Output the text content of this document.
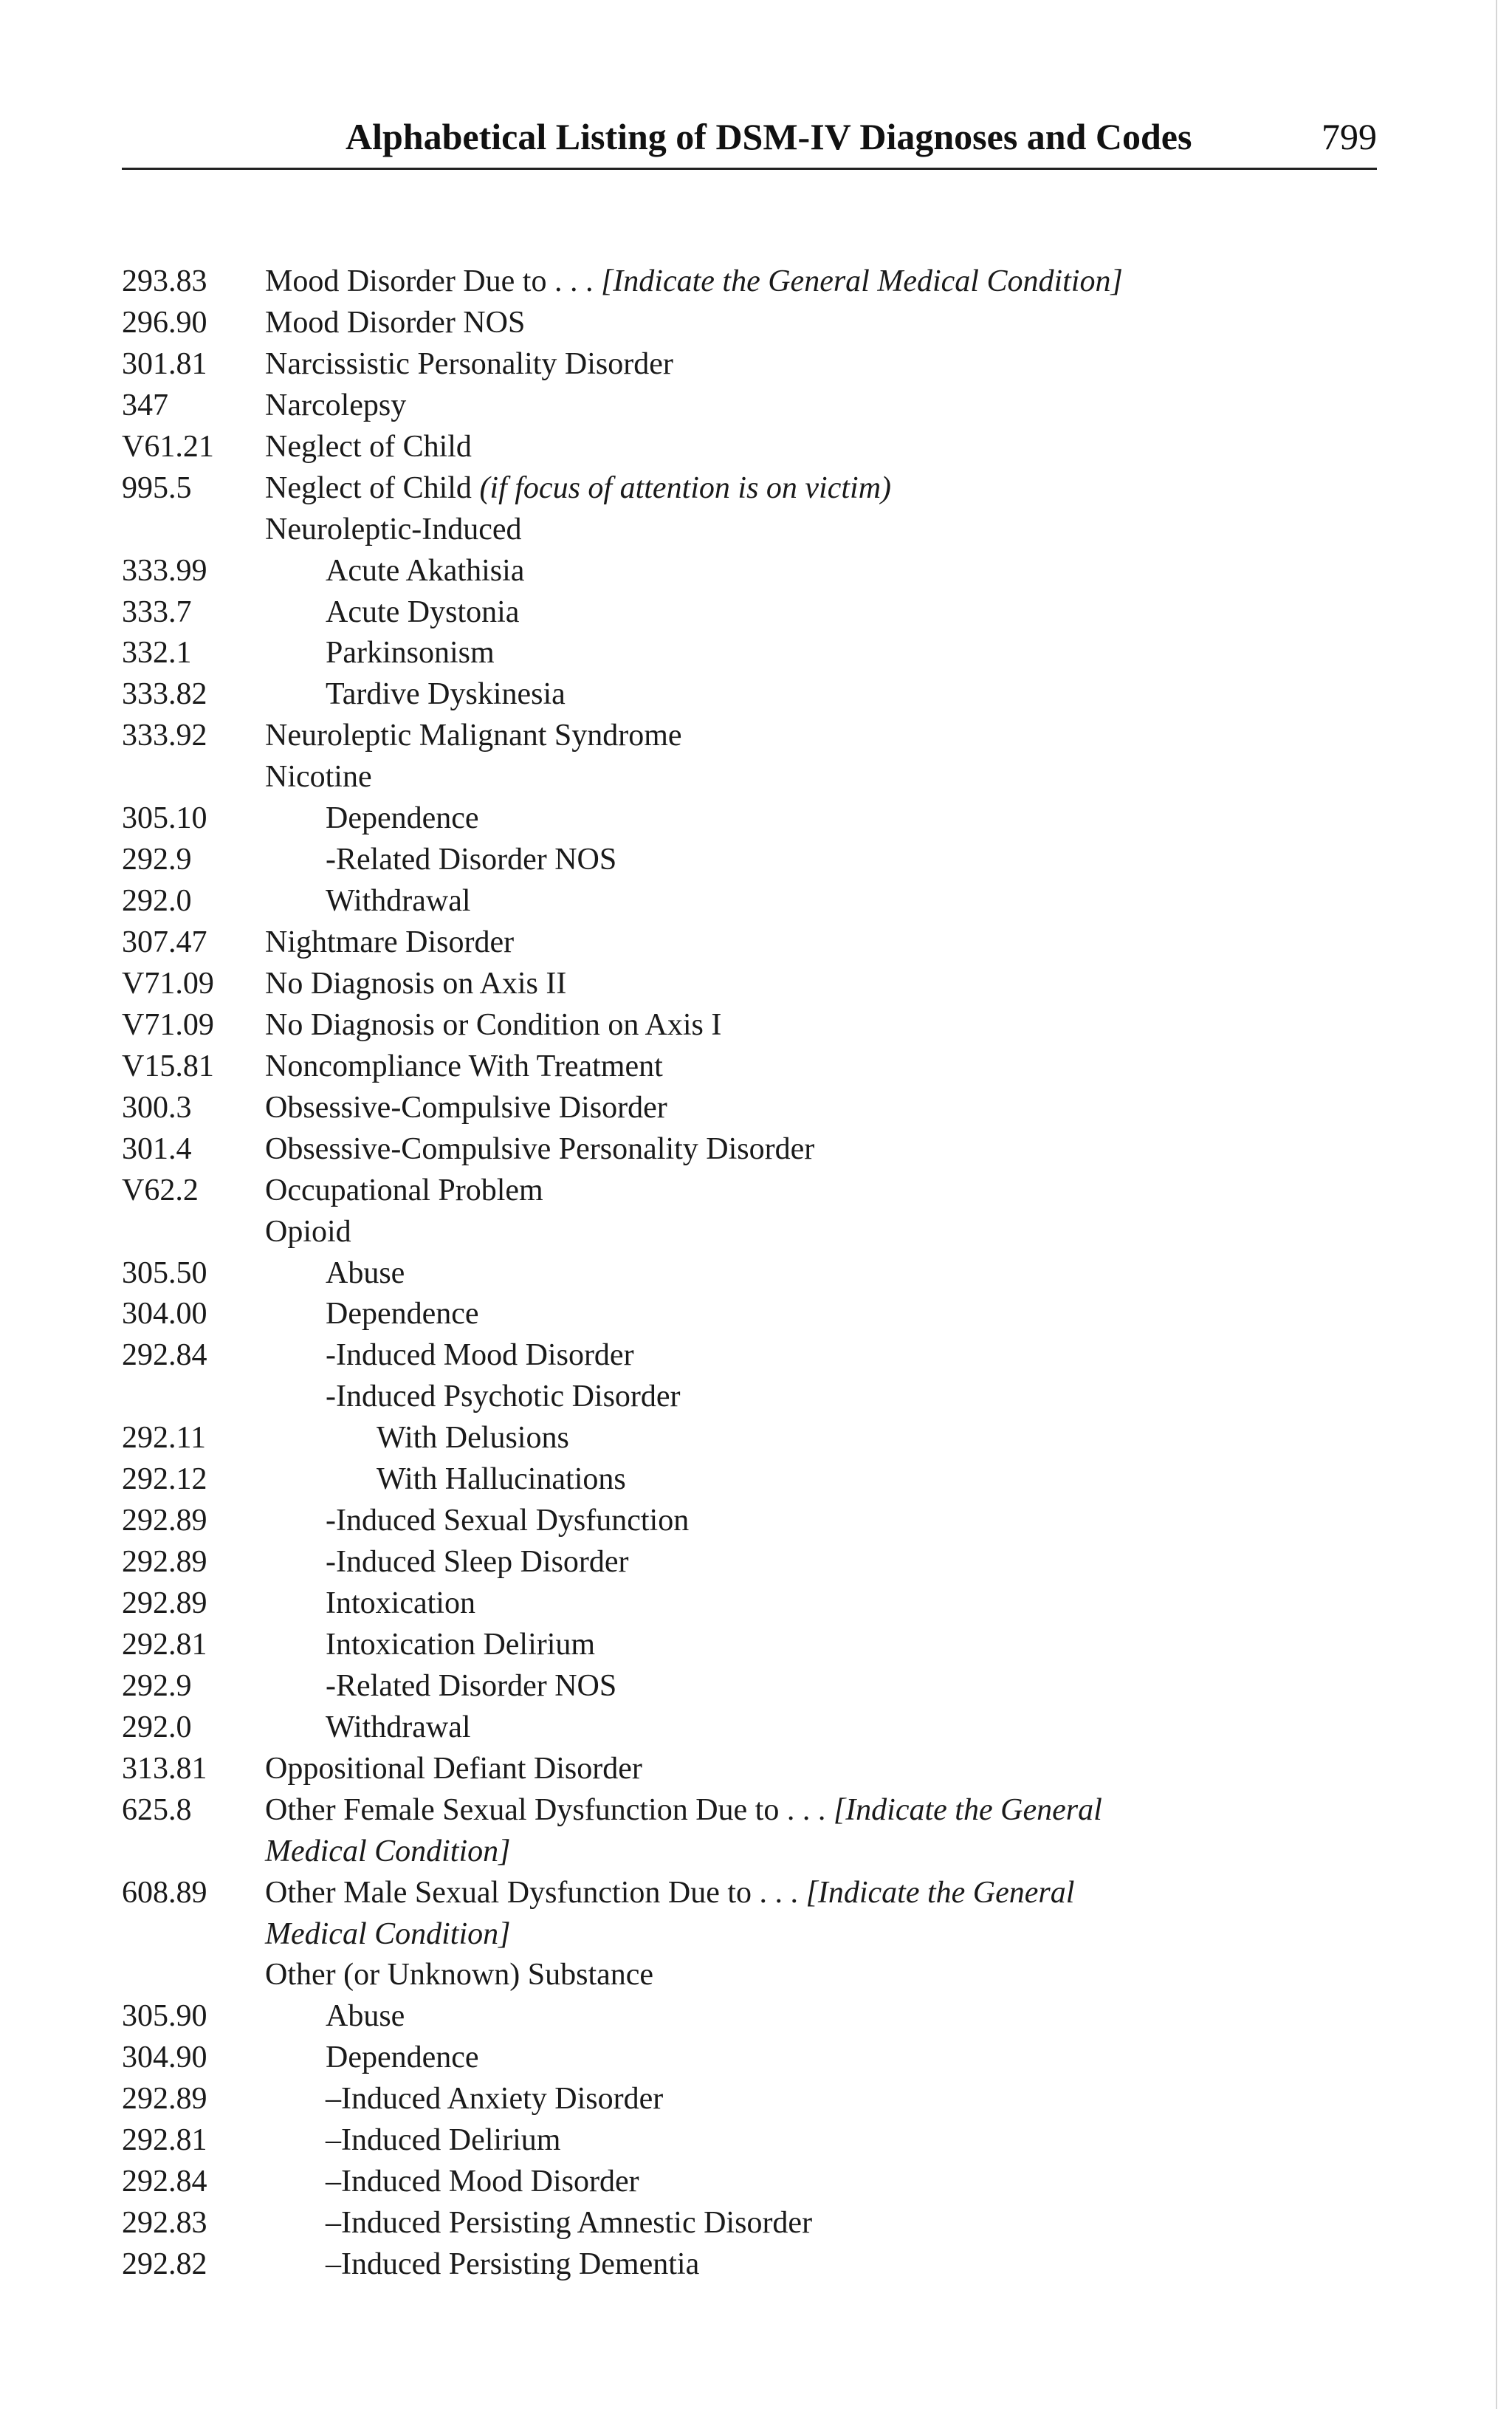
Alphabetical Listing of DSM-IV Diagnoses and Codes	799
293.83	Mood Disorder Due to . . . [Indicate the General Medical Condition]
296.90	Mood Disorder NOS
301.81	Narcissistic Personality Disorder
347	Narcolepsy
V61.21	Neglect of Child
995.5	Neglect of Child (if focus of attention is on victim)
Neuroleptic-Induced
333.99	Acute Akathisia
333.7	Acute Dystonia
332.1	Parkinsonism
333.82	Tardive Dyskinesia
333.92	Neuroleptic Malignant Syndrome
Nicotine
305.10	Dependence
292.9	-Related Disorder NOS
292.0	Withdrawal
307.47	Nightmare Disorder
V71.09	No Diagnosis on Axis II
V71.09	No Diagnosis or Condition on Axis I
V15.81	Noncompliance With Treatment
300.3	Obsessive-Compulsive Disorder
301.4	Obsessive-Compulsive Personality Disorder
V62.2	Occupational Problem
Opioid
305.50	Abuse
304.00	Dependence
292.84	-Induced Mood Disorder
-Induced Psychotic Disorder
292.11	With Delusions
292.12	With Hallucinations
292.89	-Induced Sexual Dysfunction
292.89	-Induced Sleep Disorder
292.89	Intoxication
292.81	Intoxication Delirium
292.9	-Related Disorder NOS
292.0	Withdrawal
313.81	Oppositional Defiant Disorder
625.8	Other Female Sexual Dysfunction Due to . . . [Indicate the General
Medical Condition]
608.89	Other Male Sexual Dysfunction Due to . . . [Indicate the General
Medical Condition]
Other (or Unknown) Substance
305.90	Abuse
304.90	Dependence
292.89	–Induced Anxiety Disorder
292.81	–Induced Delirium
292.84	–Induced Mood Disorder
292.83	–Induced Persisting Amnestic Disorder
292.82	–Induced Persisting Dementia
